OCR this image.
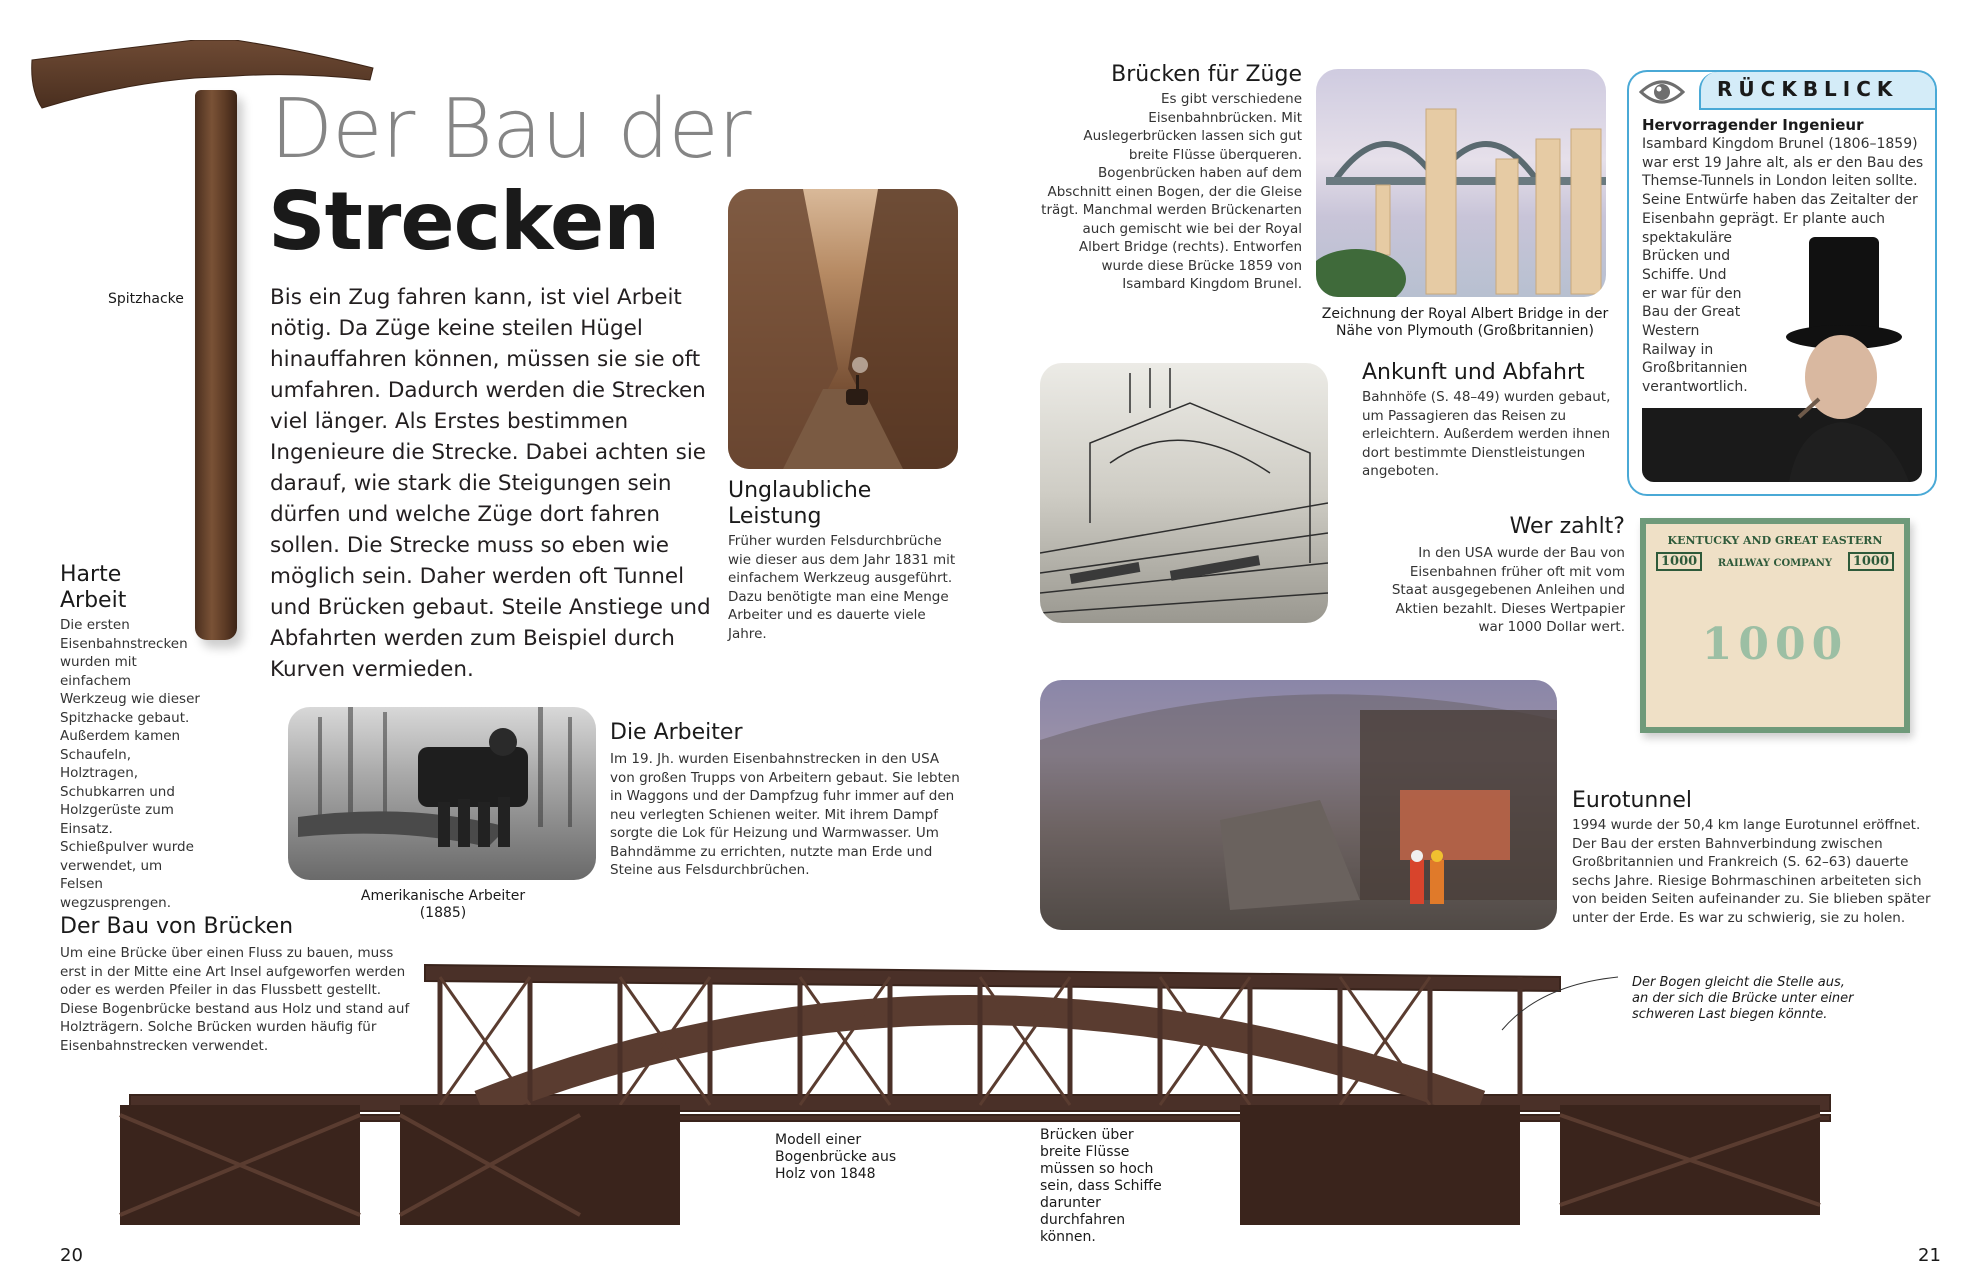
Spitzhacke
Der Bau der
Strecken
Bis ein Zug fahren kann, ist viel Arbeit nötig. Da Züge keine steilen Hügel hinauffahren können, müssen sie sie oft umfahren. Dadurch werden die Strecken viel länger. Als Erstes bestimmen Ingenieure die Strecke. Dabei achten sie darauf, wie stark die Steigungen sein dürfen und welche Züge dort fahren sollen. Die Strecke muss so eben wie möglich sein. Daher werden oft Tunnel und Brücken gebaut. Steile Anstiege und Abfahrten werden zum Beispiel durch Kurven vermieden.
Harte
Arbeit
Die ersten Eisenbahnstrecken wurden mit einfachem Werkzeug wie dieser Spitzhacke gebaut. Außerdem kamen Schaufeln, Holztragen, Schubkarren und Holzgerüste zum Einsatz. Schießpulver wurde verwendet, um Felsen wegzusprengen.
Unglaubliche
Leistung
Früher wurden Felsdurchbrüche wie dieser aus dem Jahr 1831 mit einfachem Werkzeug ausgeführt. Dazu benötigte man eine Menge Arbeiter und es dauerte viele Jahre.
Amerikanische Arbeiter
(1885)
Die Arbeiter
Im 19. Jh. wurden Eisenbahnstrecken in den USA von großen Trupps von Arbeitern gebaut. Sie lebten in Waggons und der Dampfzug fuhr immer auf den neu verlegten Schienen weiter. Mit ihrem Dampf sorgte die Lok für Heizung und Warmwasser. Um Bahndämme zu errichten, nutzte man Erde und Steine aus Felsdurchbrüchen.
Der Bau von Brücken
Um eine Brücke über einen Fluss zu bauen, muss erst in der Mitte eine Art Insel aufgeworfen werden oder es werden Pfeiler in das Flussbett gestellt. Diese Bogenbrücke bestand aus Holz und stand auf Holzträgern. Solche Brücken wurden häufig für Eisenbahnstrecken verwendet.
Modell einer Bogenbrücke aus Holz von 1848
Brücken über breite Flüsse müssen so hoch sein, dass Schiffe darunter durchfahren können.
Der Bogen gleicht die Stelle aus, an der sich die Brücke unter einer schweren Last biegen könnte.
Brücken für Züge
Es gibt verschiedene Eisenbahnbrücken. Mit Auslegerbrücken lassen sich gut breite Flüsse überqueren. Bogenbrücken haben auf dem Abschnitt einen Bogen, der die Gleise trägt. Manchmal werden Brückenarten auch gemischt wie bei der Royal Albert Bridge (rechts). Entworfen wurde diese Brücke 1859 von Isambard Kingdom Brunel.
Zeichnung der Royal Albert Bridge in der
Nähe von Plymouth (Großbritannien)
RÜCKBLICK
Hervorragender Ingenieur
Isambard Kingdom Brunel (1806–1859) war erst 19 Jahre alt, als er den Bau des Themse-Tunnels in London leiten sollte. Seine Entwürfe haben das Zeitalter der Eisenbahn geprägt. Er plante auch
spektakuläre Brücken und Schiffe. Und er war für den Bau der Great Western Railway in Großbritannien verantwortlich.
Ankunft und Abfahrt
Bahnhöfe (S. 48–49) wurden gebaut, um Passagieren das Reisen zu erleichtern. Außerdem werden ihnen dort bestimmte Dienstleistungen angeboten.
Wer zahlt?
In den USA wurde der Bau von Eisenbahnen früher oft mit vom Staat ausgegebenen Anleihen und Aktien bezahlt. Dieses Wertpapier war 1000 Dollar wert.
KENTUCKY AND GREAT EASTERN
RAILWAY COMPANY
1000	1000
1000
Eurotunnel
1994 wurde der 50,4 km lange Eurotunnel eröffnet. Der Bau der ersten Bahnverbindung zwischen Großbritannien und Frankreich (S. 62–63) dauerte sechs Jahre. Riesige Bohrmaschinen arbeiteten sich von beiden Seiten aufeinander zu. Sie blieben später unter der Erde. Es war zu schwierig, sie zu holen.
20	21
